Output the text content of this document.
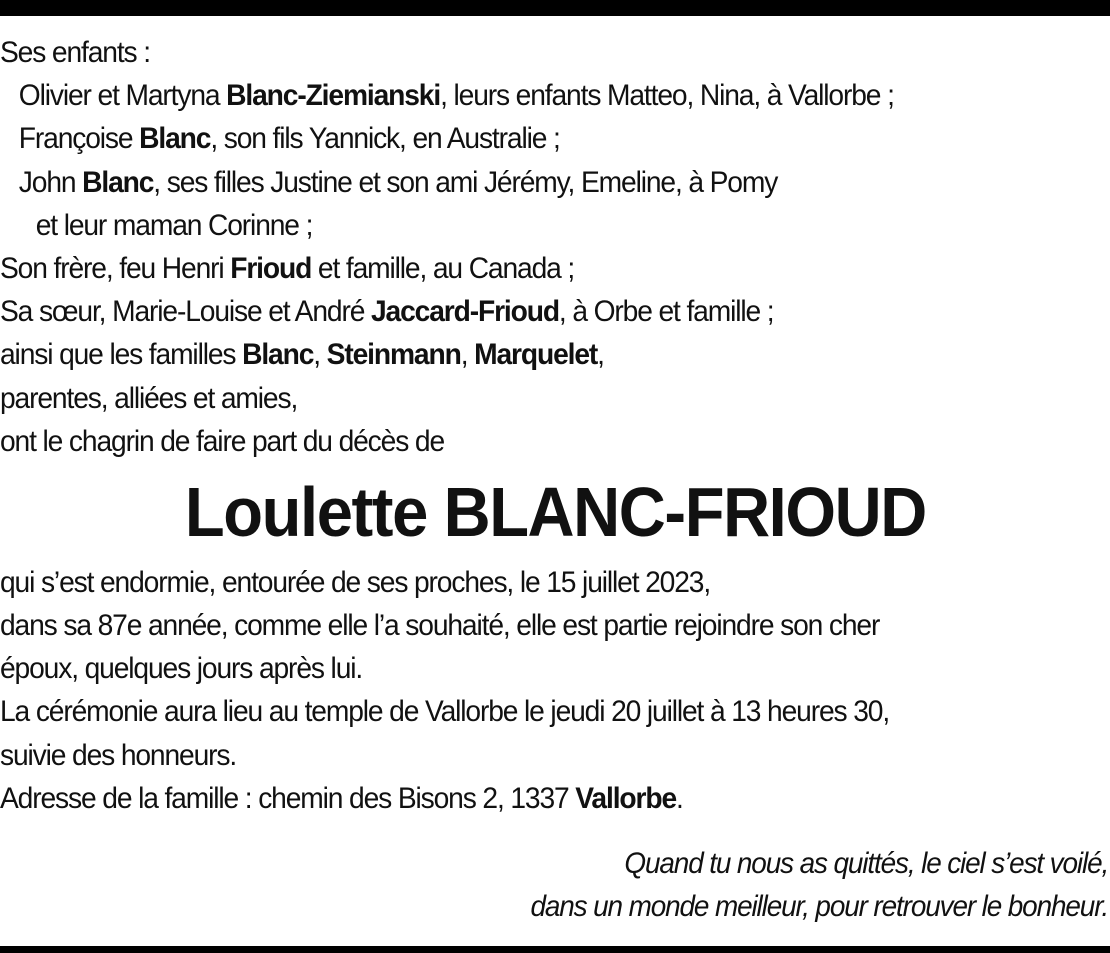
Ses enfants :
Olivier et Martyna Blanc-Ziemianski, leurs enfants Matteo, Nina, à Vallorbe ;
Françoise Blanc, son fils Yannick, en Australie ;
John Blanc, ses filles Justine et son ami Jérémy, Emeline, à Pomy
et leur maman Corinne ;
Son frère, feu Henri Frioud et famille, au Canada ;
Sa sœur, Marie-Louise et André Jaccard-Frioud, à Orbe et famille ;
ainsi que les familles Blanc, Steinmann, Marquelet,
parentes, alliées et amies,
ont le chagrin de faire part du décès de
Loulette BLANC-FRIOUD
qui s’est endormie, entourée de ses proches, le 15 juillet 2023,
dans sa 87e année, comme elle l’a souhaité, elle est partie rejoindre son cher
époux, quelques jours après lui.
La cérémonie aura lieu au temple de Vallorbe le jeudi 20 juillet à 13 heures 30,
suivie des honneurs.
Adresse de la famille : chemin des Bisons 2, 1337 Vallorbe.
Quand tu nous as quittés, le ciel s’est voilé,
dans un monde meilleur, pour retrouver le bonheur.
